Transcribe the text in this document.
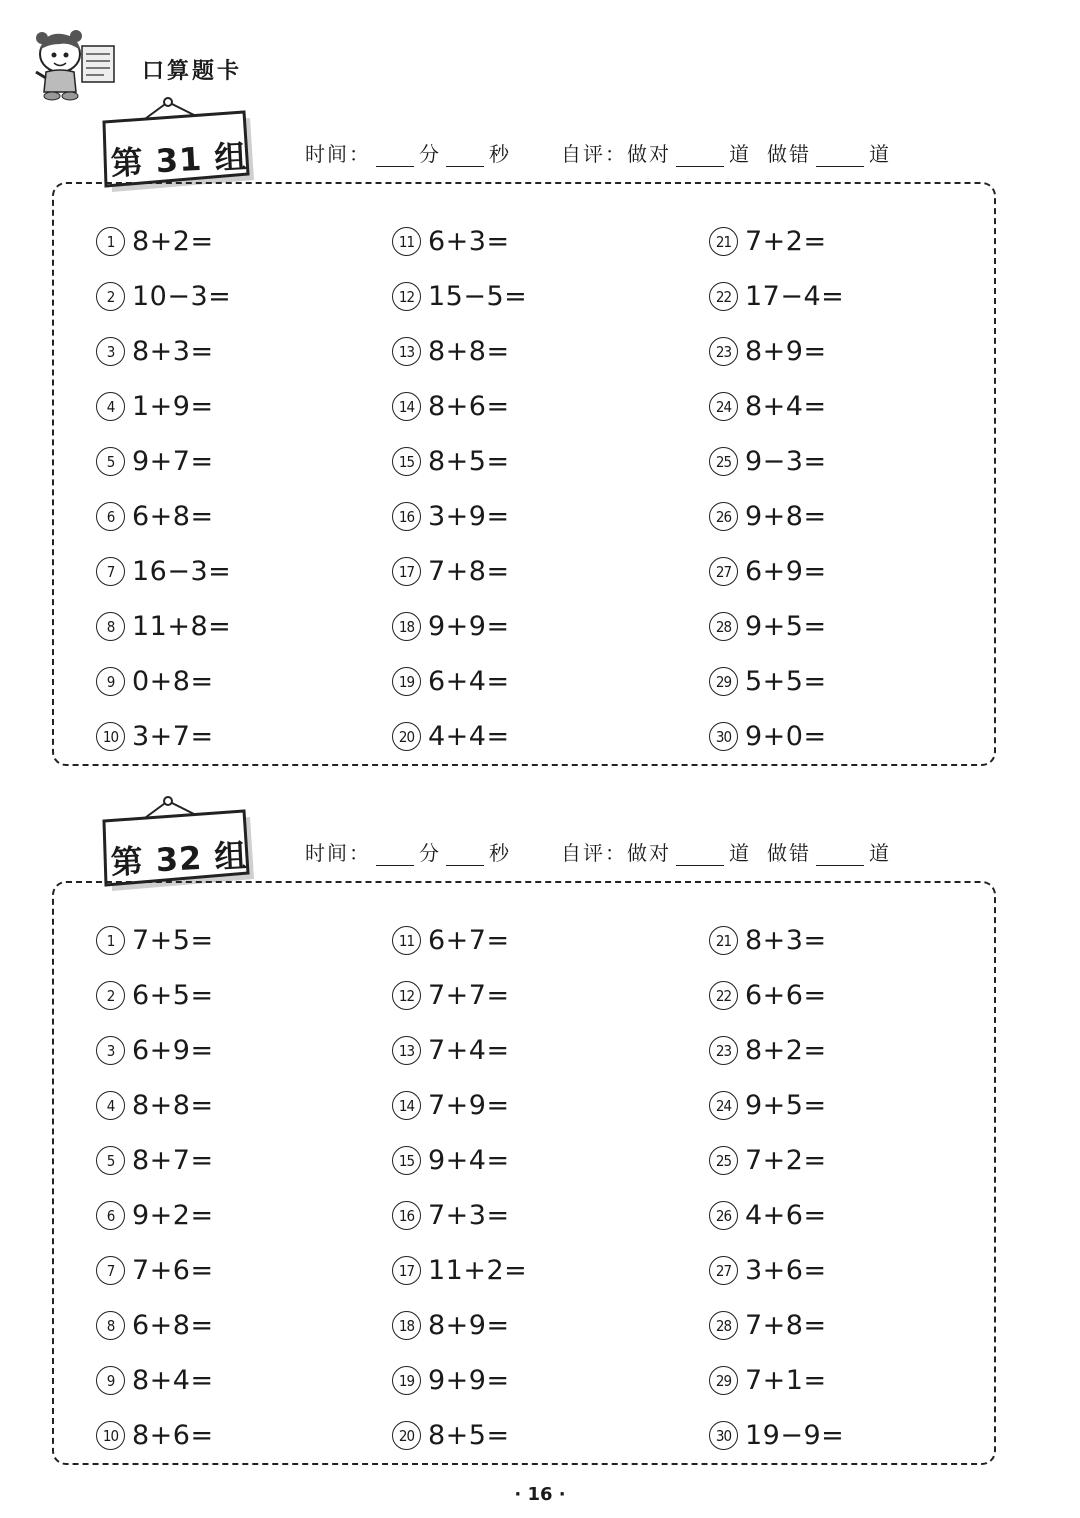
口算题卡
第 31 组	时间： 分 秒	自评：做对	道 做错	道
1 8+2=
2 10−3=
3 8+3=
4 1+9=
5 9+7=
6 6+8=
7 16−3=
8 11+8=
9 0+8=
10 3+7=
11 6+3=
12 15−5=
13 8+8=
14 8+6=
15 8+5=
16 3+9=
17 7+8=
18 9+9=
19 6+4=
20 4+4=
21 7+2=
22 17−4=
23 8+9=
24 8+4=
25 9−3=
26 9+8=
27 6+9=
28 9+5=
29 5+5=
30 9+0=
第 32 组	时间： 分 秒	自评：做对	道 做错	道
1 7+5=
2 6+5=
3 6+9=
4 8+8=
5 8+7=
6 9+2=
7 7+6=
8 6+8=
9 8+4=
10 8+6=
11 6+7=
12 7+7=
13 7+4=
14 7+9=
15 9+4=
16 7+3=
17 11+2=
18 8+9=
19 9+9=
20 8+5=
21 8+3=
22 6+6=
23 8+2=
24 9+5=
25 7+2=
26 4+6=
27 3+6=
28 7+8=
29 7+1=
30 19−9=
· 16 ·
